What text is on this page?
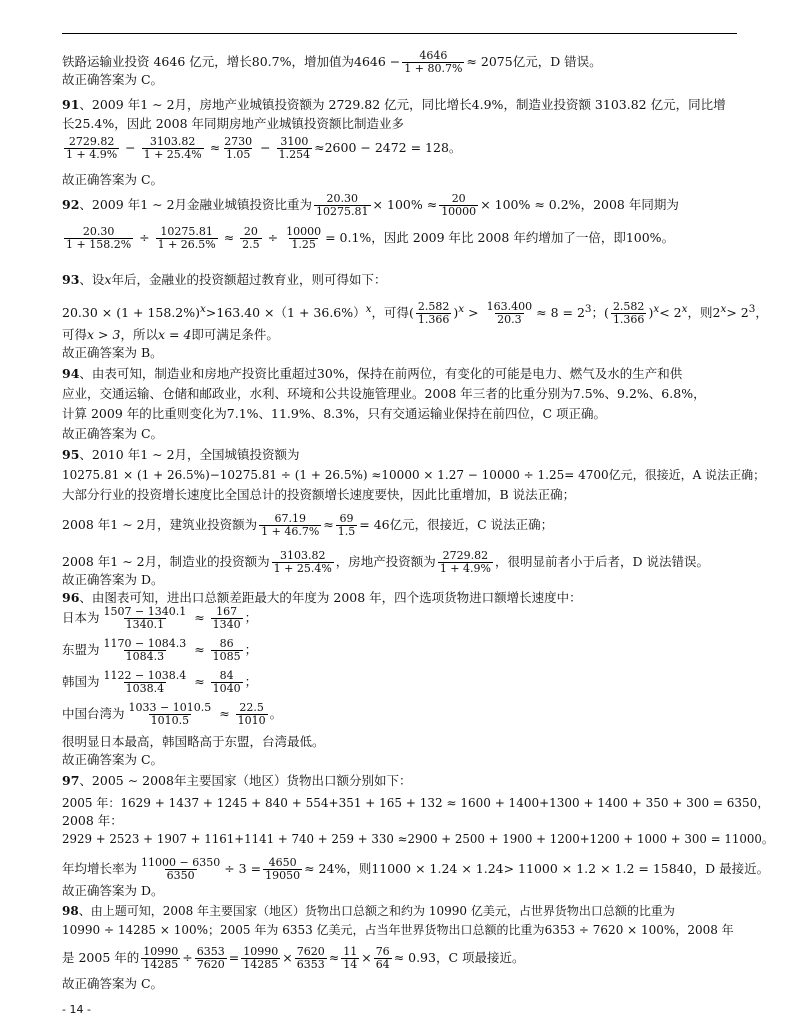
铁路运输业投资 4646 亿元，增长80.7%，增加值为$4646 - \frac{4646}{1 + 80.7\%} \approx 2075$亿元，D 错误。
故正确答案为 C。
91、2009 年1 ∼ 2月，房地产业城镇投资额为 2729.82 亿元，同比增长4.9%，制造业投资额 3103.82 亿元，同比增
长25.4%，因此 2008 年同期房地产业城镇投资额比制造业多
$\frac{2729.82}{1 + 4.9\%} - \frac{3103.82}{1 + 25.4\%} \approx \frac{2730}{1.05} - \frac{3100}{1.254} \approx 2600 - 2472 = 128$。
故正确答案为 C。
92、2009 年1 ∼ 2月金融业城镇投资比重为 $\frac{20.30}{10275.81} \times 100\% \approx \frac{20}{10000} \times 100\% \approx 0.2\%$，2008 年同期为
$\frac{20.30}{1 + 158.2\%} \div \frac{10275.81}{1 + 26.5\%} \approx \frac{20}{2.5} \div \frac{10000}{1.25} = 0.1\%$，因此 2009 年比 2008 年约增加了一倍，即100%。
93、设x年后，金融业的投资额超过教育业，则可得如下：
$20.30 \times (1 + 158.2\%)^x>163.40 \times(1 + 36.6\%)^x$，可得( $\frac{2.582}{1.366} )^x > \frac{163.400}{20.3} \approx 8 = 2^3$；( $\frac{2.582}{1.366} )^x< 2^x$，则$2^x> 2^3$，
可得x > 3，所以x = 4即可满足条件。
故正确答案为 B。
94、由表可知，制造业和房地产投资比重超过30%，保持在前两位，有变化的可能是电力、燃气及水的生产和供
应业，交通运输、仓储和邮政业，水利、环境和公共设施管理业。2008 年三者的比重分别为7.5%、9.2%、6.8%，
计算 2009 年的比重则变化为7.1%、11.9%、8.3%，只有交通运输业保持在前四位，C 项正确。
故正确答案为 C。
95、2010 年1 ∼ 2月，全国城镇投资额为
10275.81 × (1 + 26.5%)−10275.81 ÷ (1 + 26.5%) ≈10000 × 1.27 − 10000 ÷ 1.25= 4700亿元，很接近，A 说法正确；
大部分行业的投资增长速度比全国总计的投资额增长速度要快，因此比重增加，B 说法正确；
2008 年1 ∼ 2月，建筑业投资额为 $\frac{67.19}{1 + 46.7\%} \approx \frac{69}{1.5} = 46$亿元，很接近，C 说法正确；
2008 年1 ∼ 2月，制造业的投资额为 $\frac{3103.82}{1 + 25.4\%}$ ，房地产投资额为 $\frac{2729.82}{1 + 4.9\%}$ ，很明显前者小于后者，D 说法错误。
故正确答案为 D。
96、由图表可知，进出口总额差距最大的年度为 2008 年，四个选项货物进口额增长速度中：
日本为 $\frac{1507 - 1340.1}{1340.1} \approx \frac{167}{1340}$ ；
东盟为 $\frac{1170 - 1084.3}{1084.3} \approx \frac{86}{1085}$ ；
韩国为 $\frac{1122 - 1038.4}{1038.4} \approx \frac{84}{1040}$ ；
中国台湾为 $\frac{1033 - 1010.5}{1010.5} \approx \frac{22.5}{1010}$ 。
很明显日本最高，韩国略高于东盟，台湾最低。
故正确答案为 C。
97、2005 ∼ 2008年主要国家（地区）货物出口额分别如下：
2005 年：1629 + 1437 + 1245 + 840 + 554+351 + 165 + 132 ≈ 1600 + 1400+1300 + 1400 + 350 + 300 = 6350，
2008 年：
2929 + 2523 + 1907 + 1161+1141 + 740 + 259 + 330 ≈2900 + 2500 + 1900 + 1200+1200 + 1000 + 300 = 11000。
年均增长率为 $\frac{11000 - 6350}{6350} \div 3 = \frac{4650}{19050} \approx 24\%$，则11000 × 1.24 × 1.24> 11000 × 1.2 × 1.2 = 15840，D 最接近。
故正确答案为 D。
98、由上题可知，2008 年主要国家（地区）货物出口总额之和约为 10990 亿美元，占世界货物出口总额的比重为
10990 ÷ 14285 × 100%；2005 年为 6353 亿美元，占当年世界货物出口总额的比重为6353 ÷ 7620 × 100%，2008 年
是 2005 年的 $\frac{10990}{14285} \div \frac{6353}{7620} = \frac{10990}{14285} \times \frac{7620}{6353} \approx \frac{11}{14} \times \frac{76}{64} \approx 0.93$，C 项最接近。
故正确答案为 C。
- 14 -
